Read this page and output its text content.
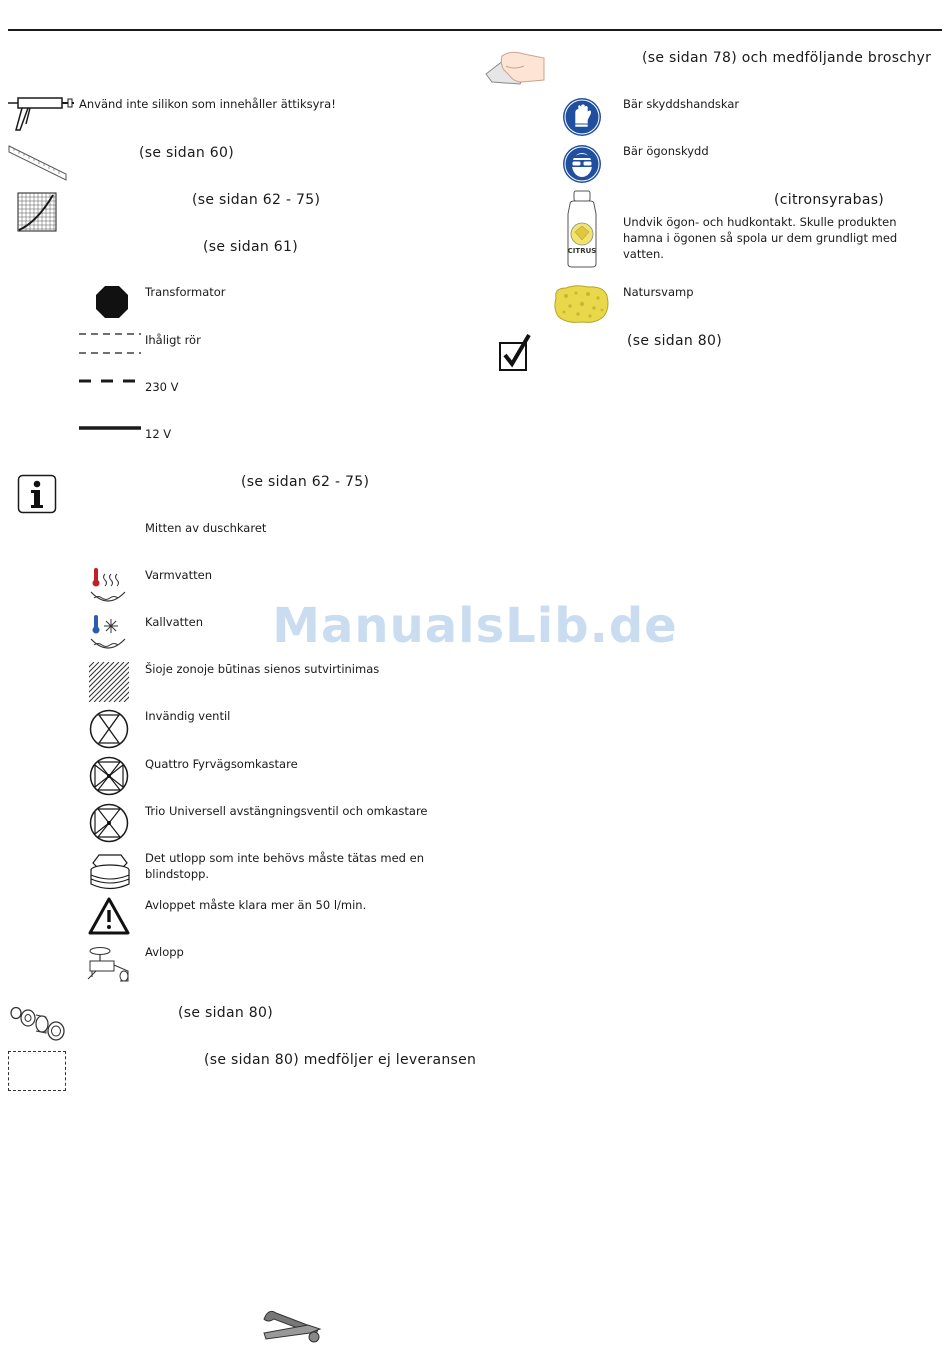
Använd inte silikon som innehåller ättiksyra!
(se sidan 60)
(se sidan 62 - 75)
(se sidan 61)
Transformator
Ihåligt rör
230 V
12 V
(se sidan 62 - 75)
Mitten av duschkaret
Varmvatten
Kallvatten
Šioje zonoje būtinas sienos sutvirtinimas
Invändig ventil
Quattro Fyrvägsomkastare
Trio Universell avstängningsventil och omkastare
Det utlopp som inte behövs måste tätas med en blindstopp.
Avloppet måste klara mer än 50 l/min.
Avlopp
(se sidan 80)
(se sidan 80) medföljer ej leveransen
(se sidan 78) och medföljande broschyr
Bär skyddshandskar
Bär ögonskydd
CITRUS
(citronsyrabas)
Undvik ögon- och hudkontakt. Skulle produkten hamna i ögonen så spola ur dem grundligt med vatten.
Natursvamp
(se sidan 80)
ManualsLib.de
